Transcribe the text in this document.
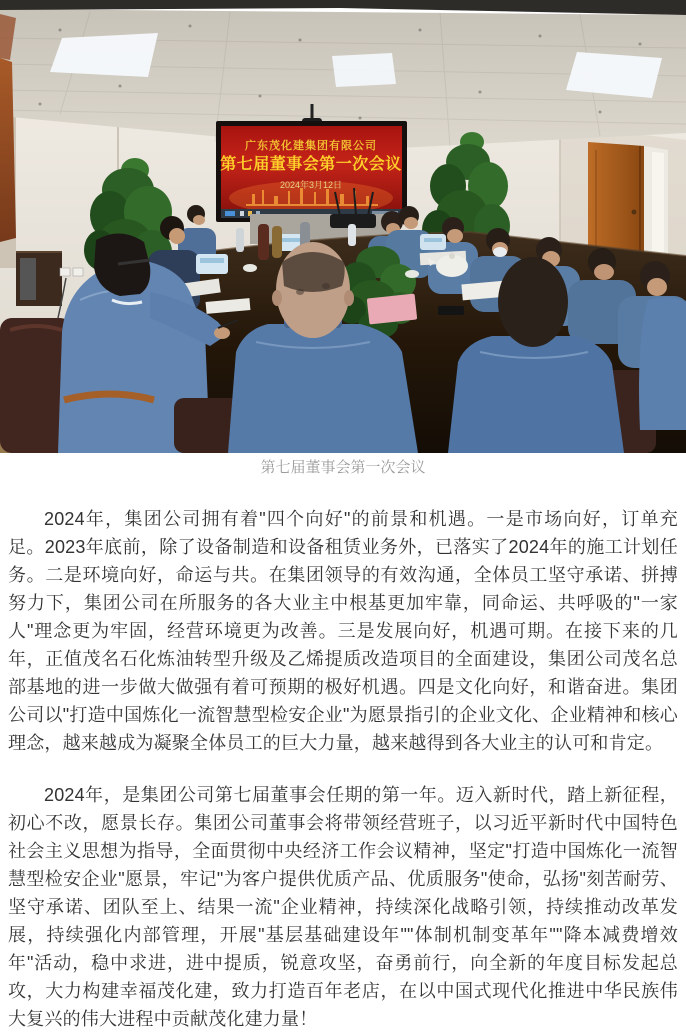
广东茂化建集团有限公司
第七届董事会第一次会议
2024年3月12日
第七届董事会第一次会议

2024年，集团公司拥有着"四个向好"的前景和机遇。一是市场向好，订单充足。2023年底前，除了设备制造和设备租赁业务外，已落实了2024年的施工计划任务。二是环境向好，命运与共。在集团领导的有效沟通，全体员工坚守承诺、拼搏努力下，集团公司在所服务的各大业主中根基更加牢靠，同命运、共呼吸的"一家人"理念更为牢固，经营环境更为改善。三是发展向好，机遇可期。在接下来的几年，正值茂名石化炼油转型升级及乙烯提质改造项目的全面建设，集团公司茂名总部基地的进一步做大做强有着可预期的极好机遇。四是文化向好，和谐奋进。集团公司以"打造中国炼化一流智慧型检安企业"为愿景指引的企业文化、企业精神和核心理念，越来越成为凝聚全体员工的巨大力量，越来越得到各大业主的认可和肯定。

2024年，是集团公司第七届董事会任期的第一年。迈入新时代，踏上新征程，初心不改，愿景长存。集团公司董事会将带领经营班子，以习近平新时代中国特色社会主义思想为指导，全面贯彻中央经济工作会议精神，坚定"打造中国炼化一流智慧型检安企业"愿景，牢记"为客户提供优质产品、优质服务"使命，弘扬"刻苦耐劳、坚守承诺、团队至上、结果一流"企业精神，持续深化战略引领，持续推动改革发展，持续强化内部管理，开展"基层基础建设年""体制机制变革年""降本减费增效年"活动，稳中求进，进中提质，锐意攻坚，奋勇前行，向全新的年度目标发起总攻，大力构建幸福茂化建，致力打造百年老店，在以中国式现代化推进中华民族伟大复兴的伟大进程中贡献茂化建力量！
